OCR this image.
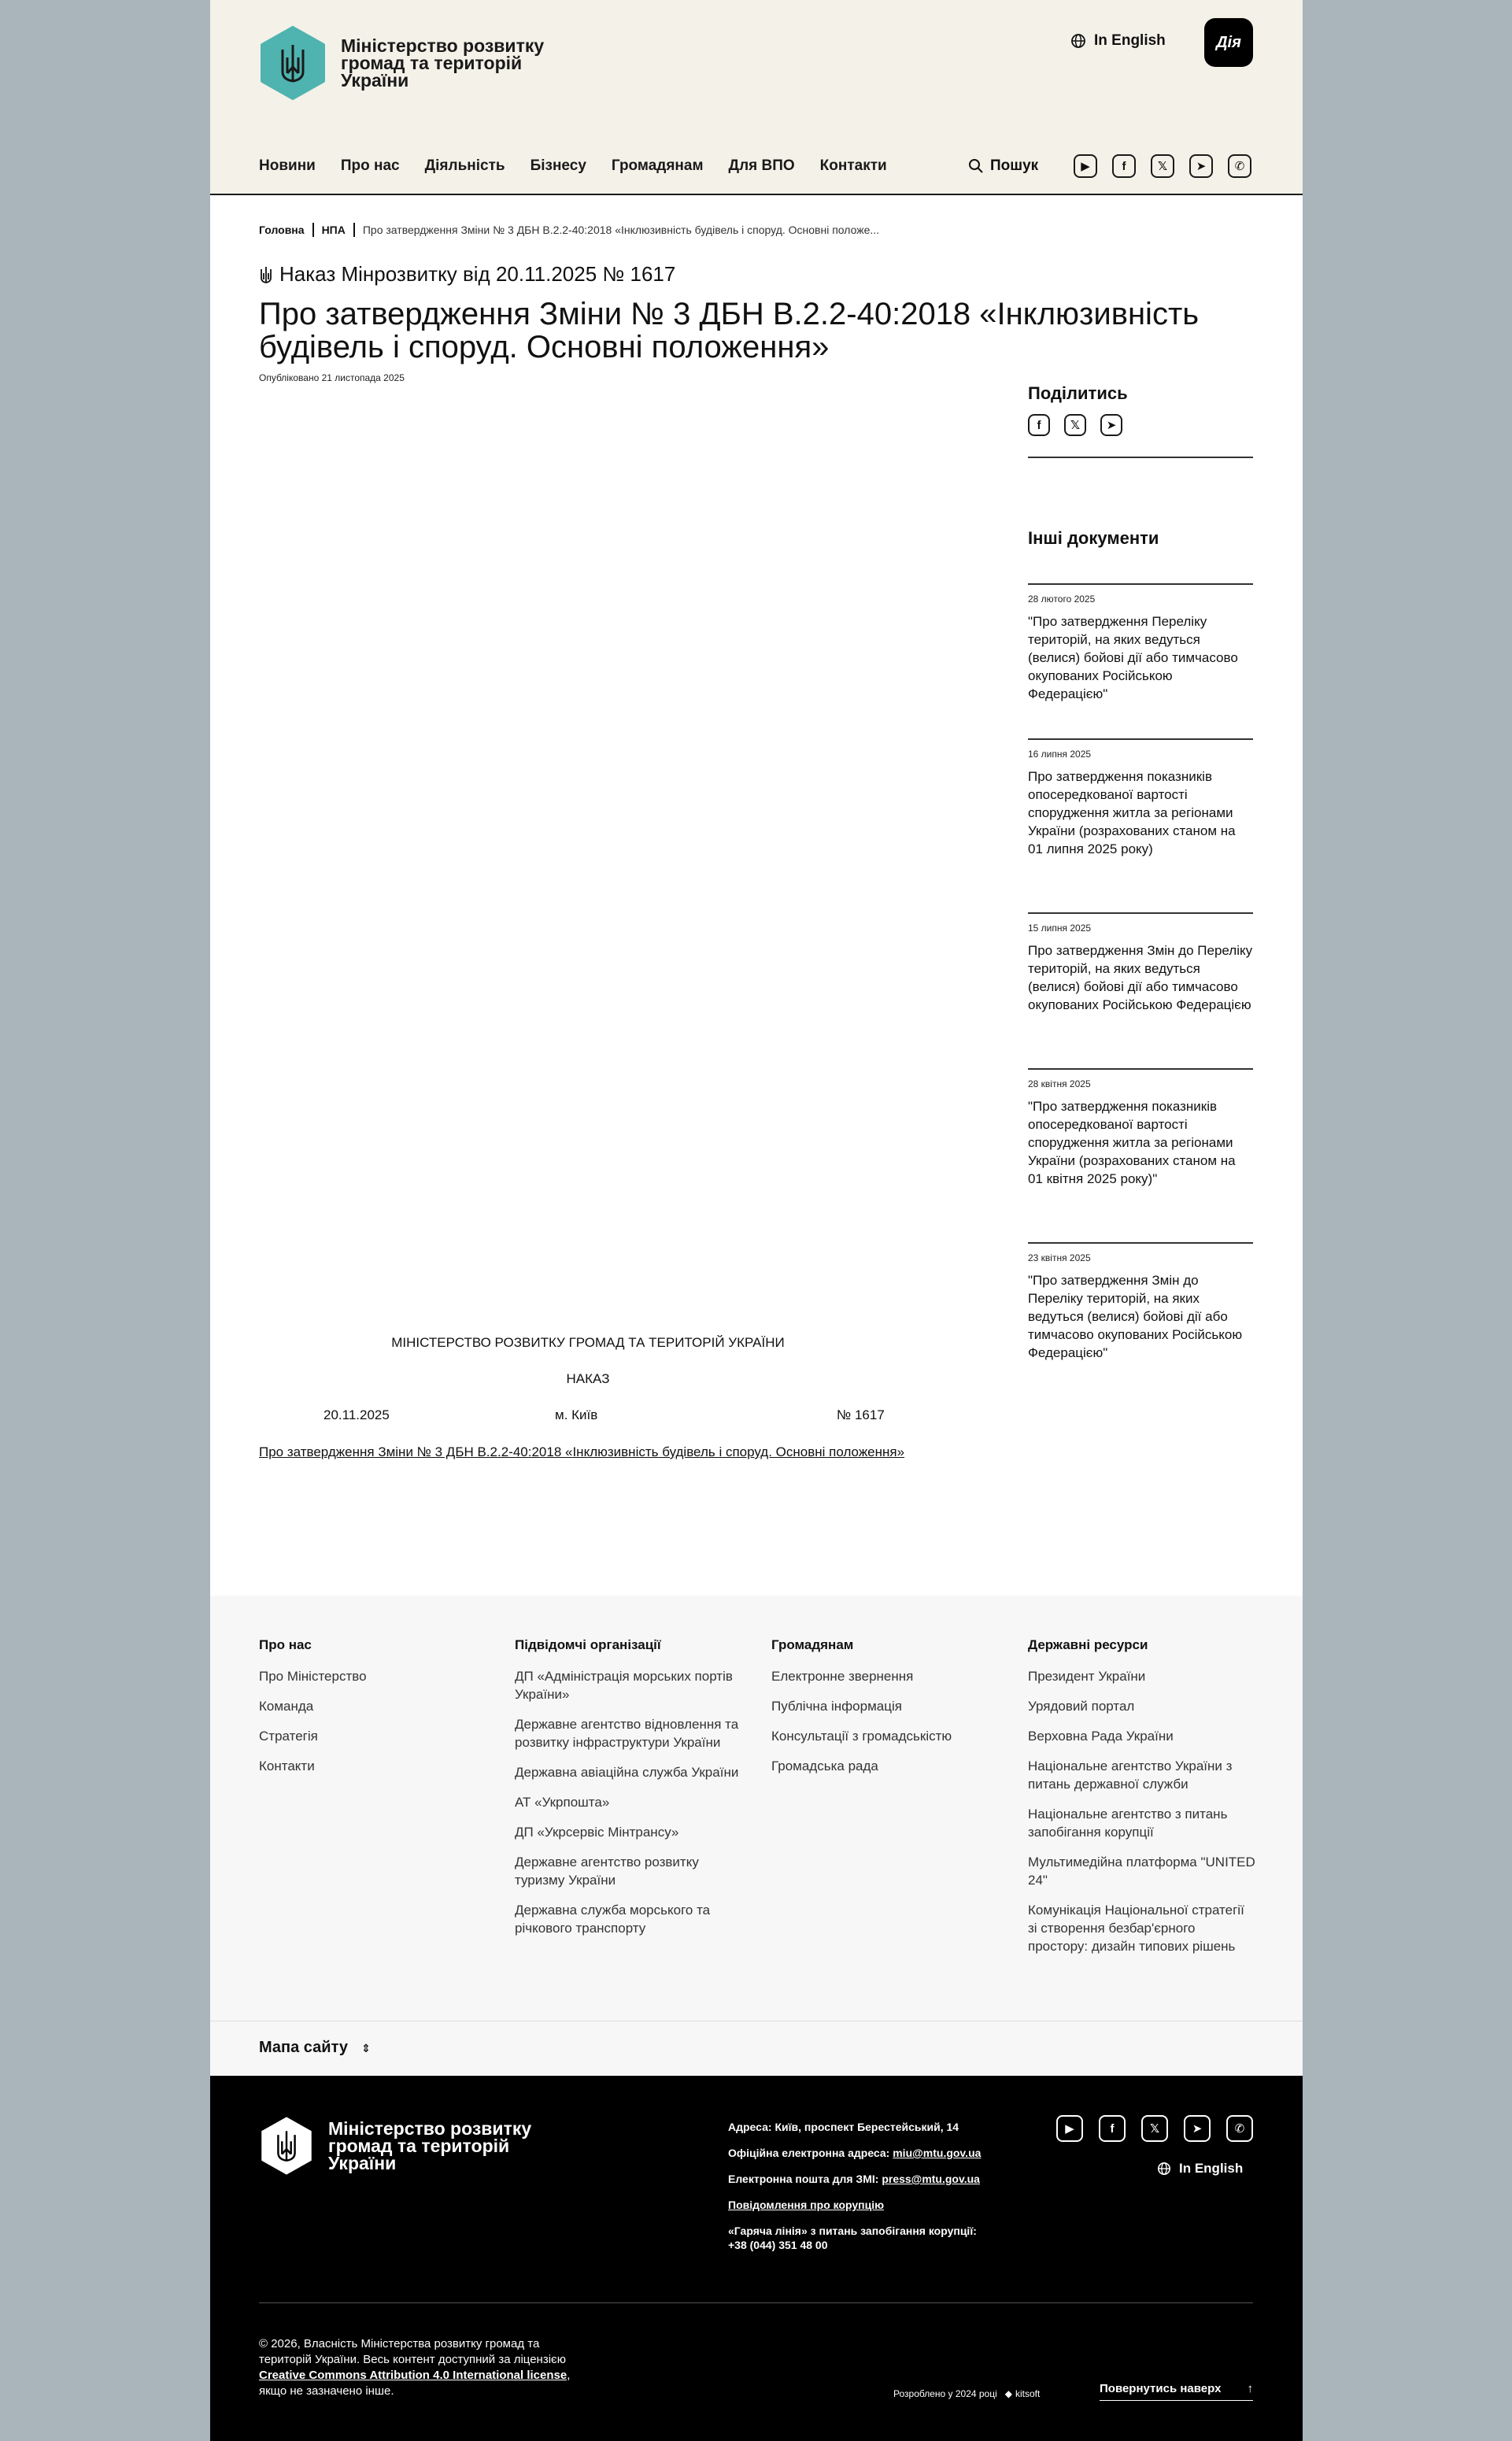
Міністерство розвитку громад та територій України
In English	Дія
Новини Про нас Діяльність Бізнесу Громадянам Для ВПО Контакти	Пошук	▶	f	𝕏	➤	✆
Головна НПА Про затвердження Зміни № 3 ДБН В.2.2-40:2018 «Інклюзивність будівель і споруд. Основні положе...
Наказ Мінрозвитку від 20.11.2025 № 1617
Про затвердження Зміни № 3 ДБН В.2.2-40:2018 «Інклюзивність будівель і споруд. Основні положення»
Опубліковано 21 листопада 2025
Поділитись
f	𝕏	➤
Інші документи
28 лютого 2025
"Про затвердження Переліку територій, на яких ведуться (велися) бойові дії або тимчасово окупованих Російською Федерацією"
16 липня 2025
Про затвердження показників опосередкованої вартості спорудження житла за регіонами України (розрахованих станом на 01 липня 2025 року)
15 липня 2025
Про затвердження Змін до Переліку територій, на яких ведуться (велися) бойові дії або тимчасово окупованих Російською Федерацією
28 квітня 2025
"Про затвердження показників опосередкованої вартості спорудження житла за регіонами України (розрахованих станом на 01 квітня 2025 року)"
23 квітня 2025
"Про затвердження Змін до Переліку територій, на яких ведуться (велися) бойові дії або тимчасово окупованих Російською Федерацією"
МІНІСТЕРСТВО РОЗВИТКУ ГРОМАД ТА ТЕРИТОРІЙ УКРАЇНИ
НАКАЗ
20.11.2025	м. Київ	№ 1617
Про затвердження Зміни № 3 ДБН В.2.2-40:2018 «Інклюзивність будівель і споруд. Основні положення»
Про нас
Про Міністерство
Команда
Стратегія
Контакти
Підвідомчі організації
ДП «Адміністрація морських портів України»
Державне агентство відновлення та розвитку інфраструктури України
Державна авіаційна служба України
АТ «Укрпошта»
ДП «Укрсервіс Мінтрансу»
Державне агентство розвитку туризму України
Державна служба морського та річкового транспорту
Громадянам
Електронне звернення
Публічна інформація
Консультації з громадськістю
Громадська рада
Державні ресурси
Президент України
Урядовий портал
Верховна Рада України
Національне агентство України з питань державної служби
Національне агентство з питань запобігання корупції
Мультимедійна платформа "UNITED 24"
Комунікація Національної стратегії зі створення безбар'єрного простору: дизайн типових рішень
Мапа сайту ⇕
Міністерство розвитку громад та територій України
Адреса: Київ, проспект Берестейський, 14
Офіційна електронна адреса: miu@mtu.gov.ua
Електронна пошта для ЗМІ: press@mtu.gov.ua
Повідомлення про корупцію
«Гаряча лінія» з питань запобігання корупції:
+38 (044) 351 48 00
▶	f	𝕏	➤	✆
In English
© 2026, Власність Міністерства розвитку громад та територій України. Весь контент доступний за ліцензією Creative Commons Attribution 4.0 International license, якщо не зазначено інше.	Розроблено у 2024 році ◆ kitsoft	Повернутись наверх ↑
